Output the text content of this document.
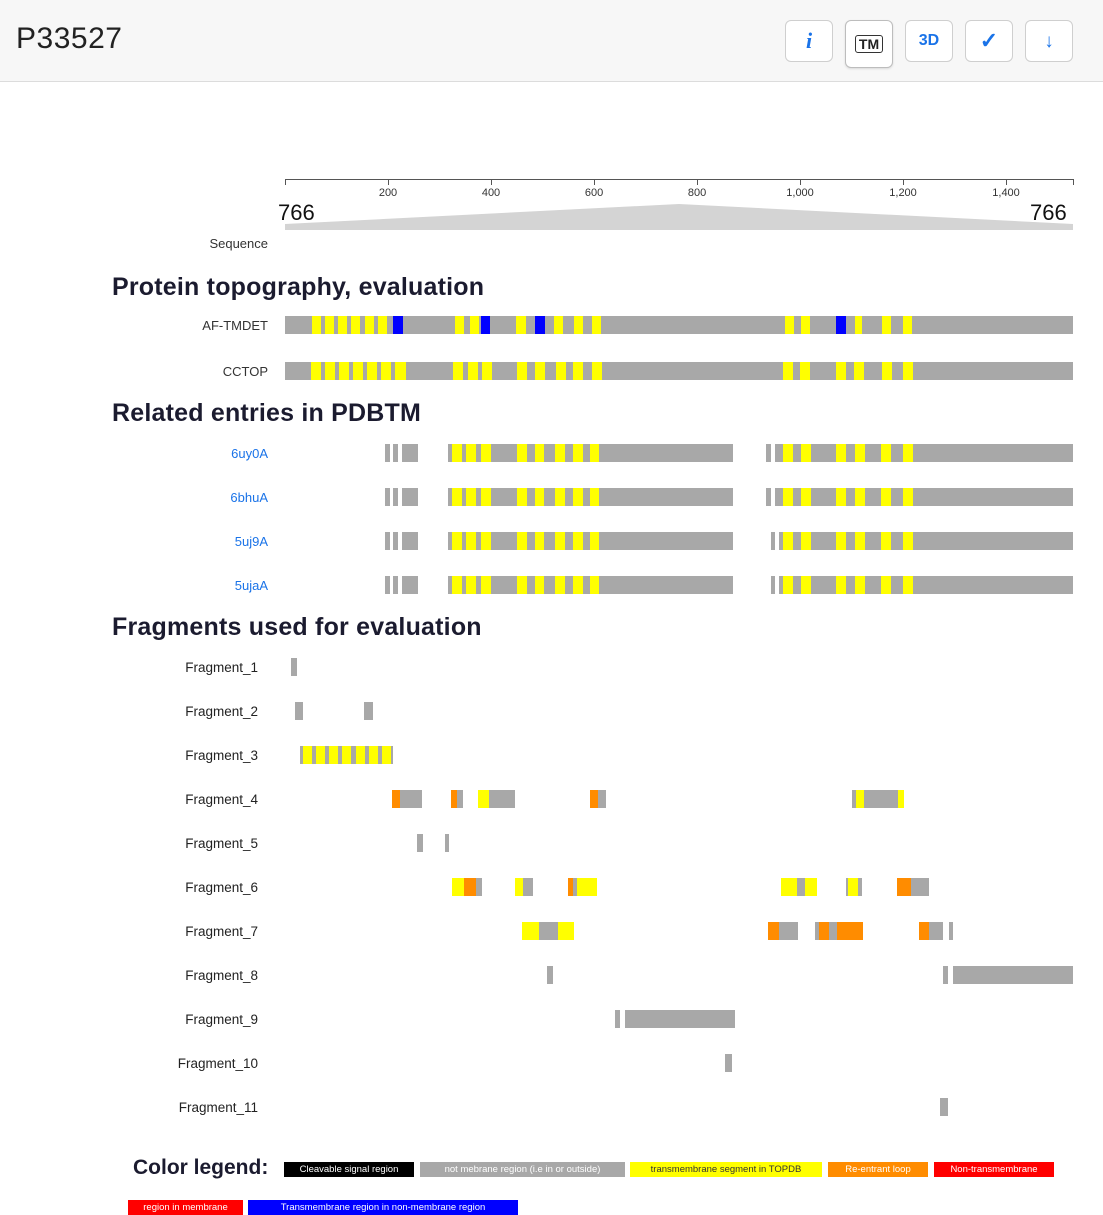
P33527	i	TM 3D ✓ ↓
200	400	600	800	1,000	1,200	1,400
766	766
Sequence
Protein topography, evaluation
AF-TMDET
CCTOP
Related entries in PDBTM
6uy0A
6bhuA
5uj9A
5ujaA
Fragments used for evaluation
Fragment_1
Fragment_2
Fragment_3
Fragment_4
Fragment_5
Fragment_6
Fragment_7
Fragment_8
Fragment_9
Fragment_10
Fragment_11
Color legend:	Cleavable signal region	not mebrane region (i.e in or outside)	transmembrane segment in TOPDB	Re-entrant loop	Non-transmembrane
region in membrane	Transmembrane region in non-membrane region
